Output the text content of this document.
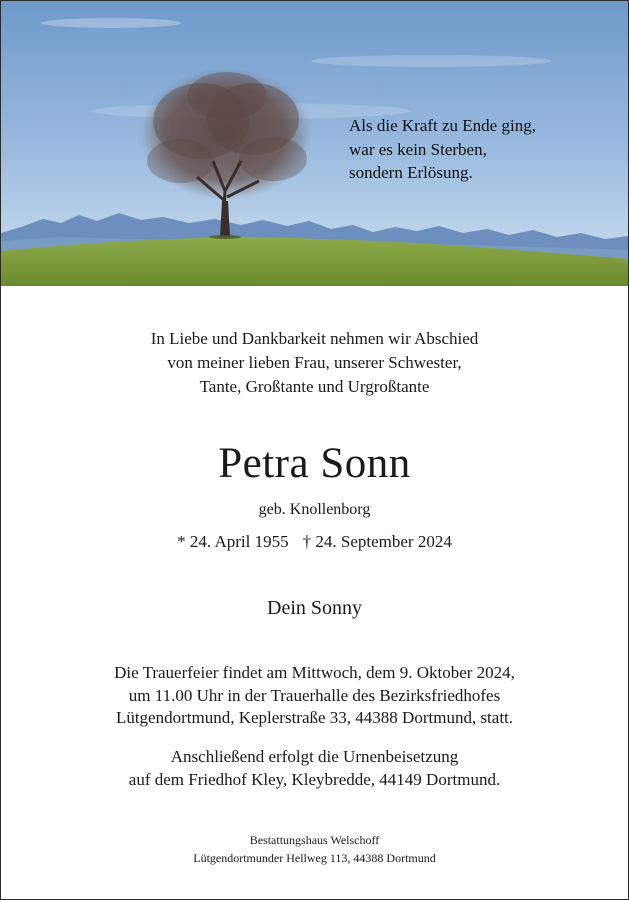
Als die Kraft zu Ende ging,
war es kein Sterben,
sondern Erlösung.
In Liebe und Dankbarkeit nehmen wir Abschied
von meiner lieben Frau, unserer Schwester,
Tante, Großtante und Urgroßtante
Petra Sonn
geb. Knollenborg
* 24. April 1955 † 24. September 2024
Dein Sonny
Die Trauerfeier findet am Mittwoch, dem 9. Oktober 2024,
um 11.00 Uhr in der Trauerhalle des Bezirksfriedhofes
Lütgendortmund, Keplerstraße 33, 44388 Dortmund, statt.
Anschließend erfolgt die Urnenbeisetzung
auf dem Friedhof Kley, Kleybredde, 44149 Dortmund.
Bestattungshaus Welschoff
Lütgendortmunder Hellweg 113, 44388 Dortmund
